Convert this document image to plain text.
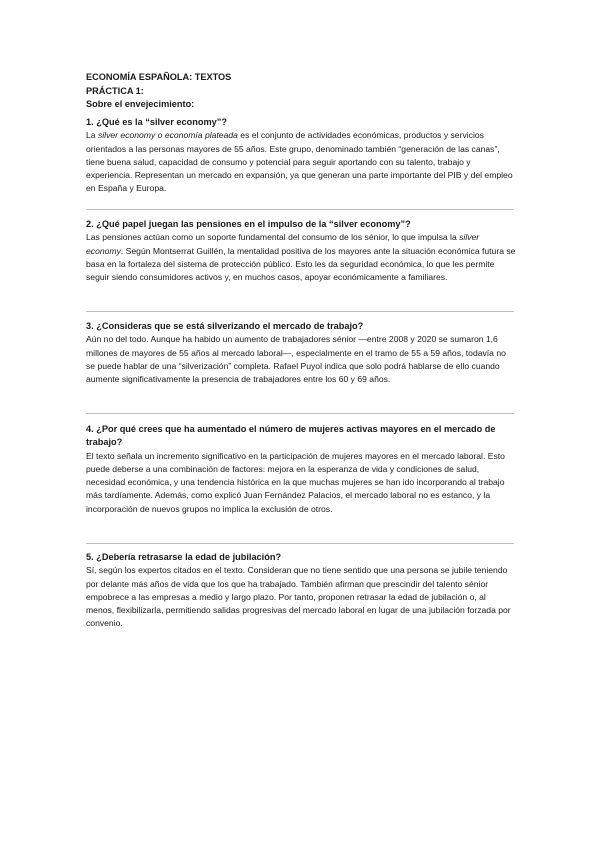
ECONOMÍA ESPAÑOLA: TEXTOS
PRÁCTICA 1:
Sobre el envejecimiento:
1. ¿Qué es la “silver economy”?
La silver economy o economía plateada es el conjunto de actividades económicas, productos y servicios orientados a las personas mayores de 55 años. Este grupo, denominado también “generación de las canas”, tiene buena salud, capacidad de consumo y potencial para seguir aportando con su talento, trabajo y experiencia. Representan un mercado en expansión, ya que generan una parte importante del PIB y del empleo en España y Europa.
2. ¿Qué papel juegan las pensiones en el impulso de la “silver economy”?
Las pensiones actúan como un soporte fundamental del consumo de los sénior, lo que impulsa la silver economy. Según Montserrat Guillén, la mentalidad positiva de los mayores ante la situación económica futura se basa en la fortaleza del sistema de protección público. Esto les da seguridad económica, lo que les permite seguir siendo consumidores activos y, en muchos casos, apoyar económicamente a familiares.
3. ¿Consideras que se está silverizando el mercado de trabajo?
Aún no del todo. Aunque ha habido un aumento de trabajadores sénior —entre 2008 y 2020 se sumaron 1,6 millones de mayores de 55 años al mercado laboral—, especialmente en el tramo de 55 a 59 años, todavía no se puede hablar de una “silverización” completa. Rafael Puyol indica que solo podrá hablarse de ello cuando aumente significativamente la presencia de trabajadores entre los 60 y 69 años.
4. ¿Por qué crees que ha aumentado el número de mujeres activas mayores en el mercado de trabajo?
El texto señala un incremento significativo en la participación de mujeres mayores en el mercado laboral. Esto puede deberse a una combinación de factores: mejora en la esperanza de vida y condiciones de salud, necesidad económica, y una tendencia histórica en la que muchas mujeres se han ido incorporando al trabajo más tardíamente. Además, como explicó Juan Fernández Palacios, el mercado laboral no es estanco, y la incorporación de nuevos grupos no implica la exclusión de otros.
5. ¿Debería retrasarse la edad de jubilación?
Sí, según los expertos citados en el texto. Consideran que no tiene sentido que una persona se jubile teniendo por delante más años de vida que los que ha trabajado. También afirman que prescindir del talento sénior empobrece a las empresas a medio y largo plazo. Por tanto, proponen retrasar la edad de jubilación o, al menos, flexibilizarla, permitiendo salidas progresivas del mercado laboral en lugar de una jubilación forzada por convenio.
